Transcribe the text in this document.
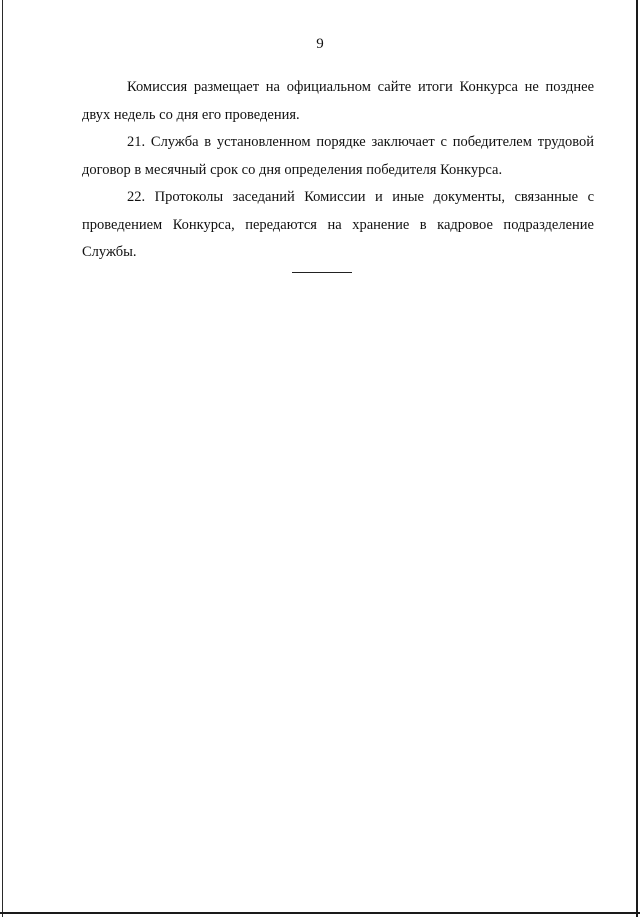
9

Комиссия размещает на официальном сайте итоги Конкурса не позднее двух недель со дня его проведения.

21. Служба в установленном порядке заключает с победителем трудовой договор в месячный срок со дня определения победителя Конкурса.

22. Протоколы заседаний Комиссии и иные документы, связанные с проведением Конкурса, передаются на хранение в кадровое подразделение Службы.
